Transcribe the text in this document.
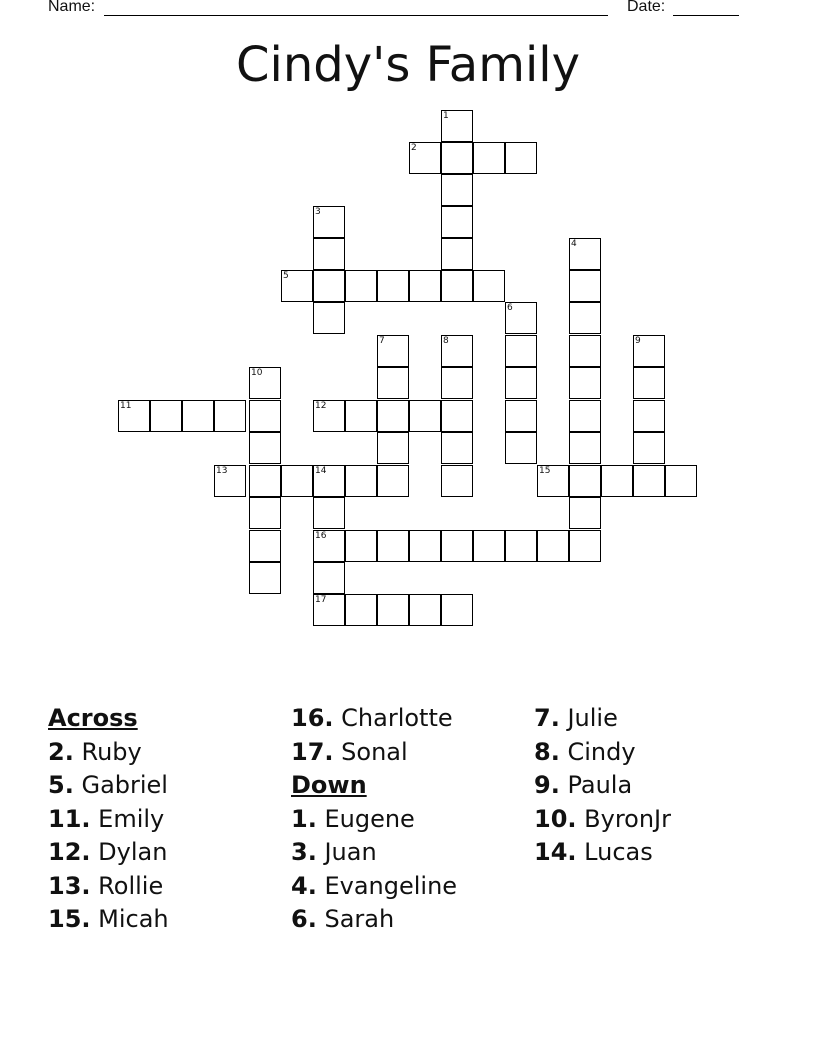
Name:	Date:
Cindy's Family
1
2
3
4
5
6
7	8	9
10
11	12
13	14	15
16
17
Across
2. Ruby
5. Gabriel
11. Emily
12. Dylan
13. Rollie
15. Micah
16. Charlotte
17. Sonal
Down
1. Eugene
3. Juan
4. Evangeline
6. Sarah
7. Julie
8. Cindy
9. Paula
10. ByronJr
14. Lucas
